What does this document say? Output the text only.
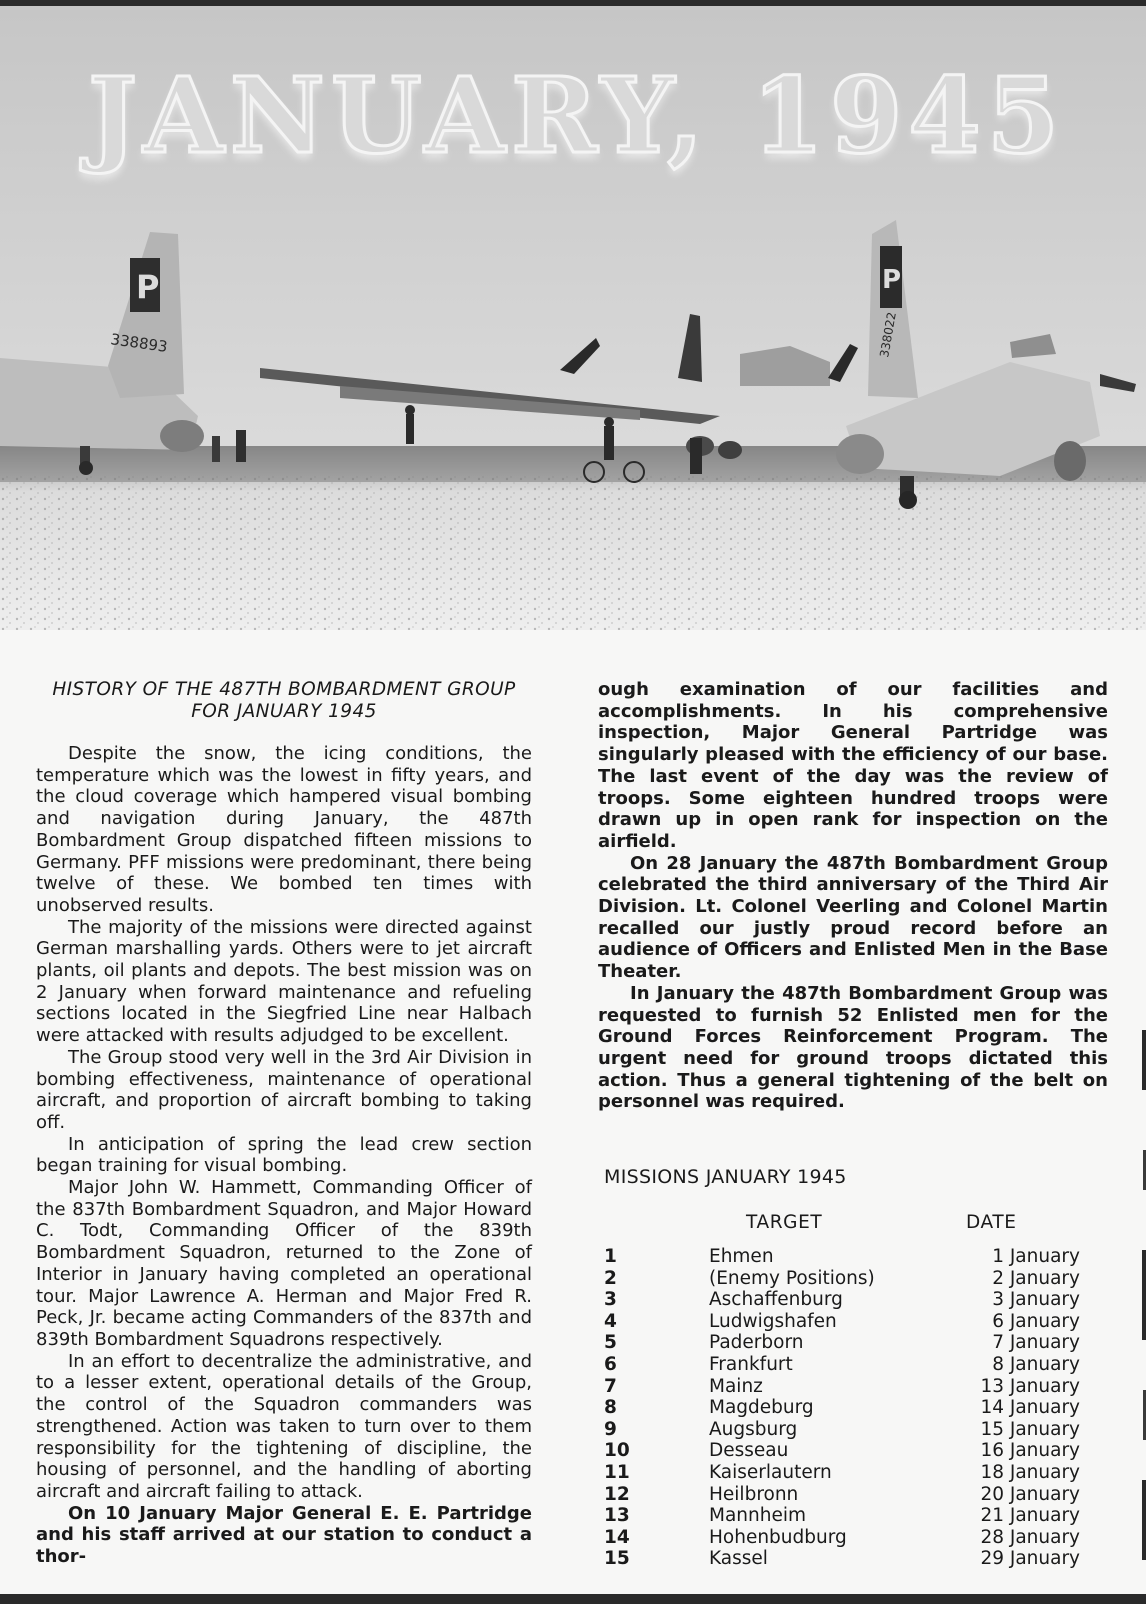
P
338893
P
338022
JANUARY, 1945
HISTORY OF THE 487TH BOMBARDMENT GROUP
FOR JANUARY 1945

Despite the snow, the icing conditions, the temperature which was the lowest in fifty years, and the cloud coverage which hampered visual bombing and navigation during January, the 487th Bombardment Group dispatched fifteen missions to Germany. PFF missions were predominant, there being twelve of these. We bombed ten times with unobserved results.

The majority of the missions were directed against German marshalling yards. Others were to jet aircraft plants, oil plants and depots. The best mission was on 2 January when forward maintenance and refueling sections located in the Siegfried Line near Halbach were attacked with results adjudged to be excellent.

The Group stood very well in the 3rd Air Division in bombing effectiveness, maintenance of operational aircraft, and proportion of aircraft bombing to taking off.

In anticipation of spring the lead crew section began training for visual bombing.

Major John W. Hammett, Commanding Officer of the 837th Bombardment Squadron, and Major Howard C. Todt, Commanding Officer of the 839th Bombardment Squadron, returned to the Zone of Interior in January having completed an operational tour. Major Lawrence A. Herman and Major Fred R. Peck, Jr. became acting Commanders of the 837th and 839th Bombardment Squadrons respectively.

In an effort to decentralize the administrative, and to a lesser extent, operational details of the Group, the control of the Squadron commanders was strengthened. Action was taken to turn over to them responsibility for the tightening of discipline, the housing of personnel, and the handling of aborting aircraft and aircraft failing to attack.

On 10 January Major General E. E. Partridge and his staff arrived at our station to conduct a thor-

ough examination of our facilities and accomplishments. In his comprehensive inspection, Major General Partridge was singularly pleased with the efficiency of our base. The last event of the day was the review of troops. Some eighteen hundred troops were drawn up in open rank for inspection on the airfield.

On 28 January the 487th Bombardment Group celebrated the third anniversary of the Third Air Division. Lt. Colonel Veerling and Colonel Martin recalled our justly proud record before an audience of Officers and Enlisted Men in the Base Theater.

In January the 487th Bombardment Group was requested to furnish 52 Enlisted men for the Ground Forces Reinforcement Program. The urgent need for ground troops dictated this action. Thus a general tightening of the belt on personnel was required.

MISSIONS JANUARY 1945
TARGET	DATE
1	Ehmen	1 January
2	(Enemy Positions)	2 January
3	Aschaffenburg	3 January
4	Ludwigshafen	6 January
5	Paderborn	7 January
6	Frankfurt	8 January
7	Mainz	13 January
8	Magdeburg	14 January
9	Augsburg	15 January
10	Desseau	16 January
11	Kaiserlautern	18 January
12	Heilbronn	20 January
13	Mannheim	21 January
14	Hohenbudburg	28 January
15	Kassel	29 January
